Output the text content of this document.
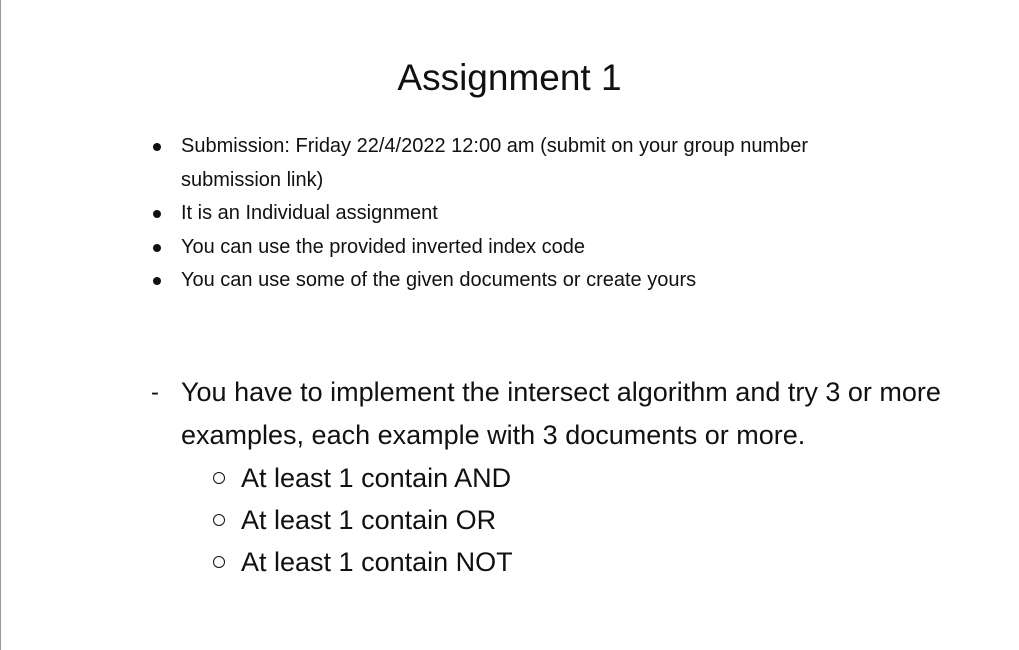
Assignment 1
Submission: Friday 22/4/2022 12:00 am (submit on your group number submission link)
It is an Individual assignment
You can use the provided inverted index code
You can use some of the given documents or create yours
- You have to implement the intersect algorithm and try 3 or more examples, each example with 3 documents or more.
At least 1 contain AND
At least 1 contain OR
At least 1 contain NOT
